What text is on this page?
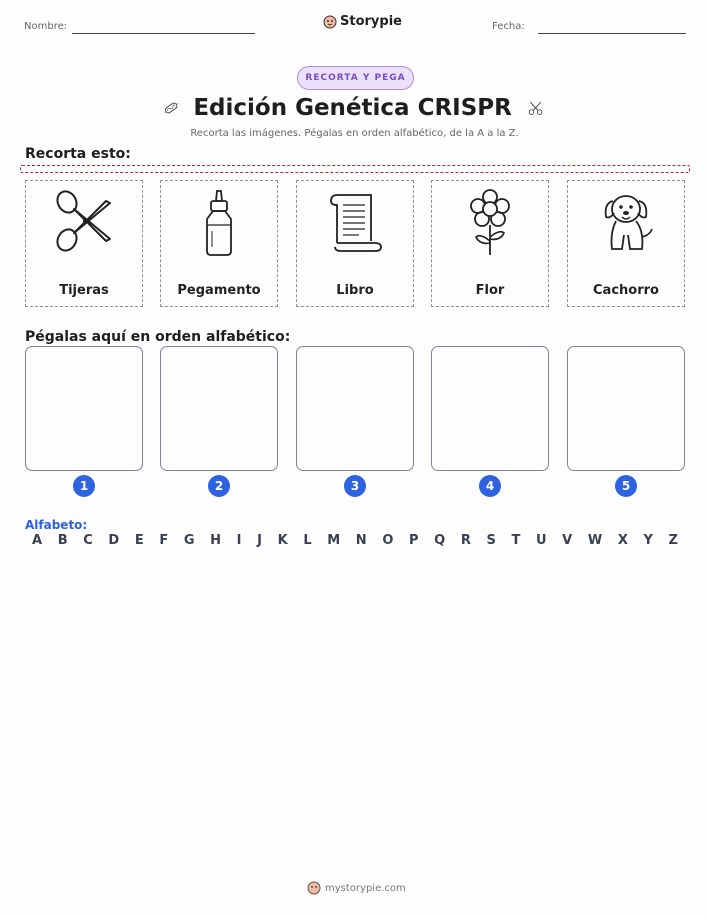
Nombre:	Storypie	Fecha:
RECORTA Y PEGA
Edición Genética CRISPR
Recorta las imágenes. Pégalas en orden alfabético, de la A a la Z.
Recorta esto:
Tijeras	Pegamento	Libro	Flor	Cachorro
Pégalas aquí en orden alfabético:
1	2	3	4	5
Alfabeto:
A B C D E F G H I J K L M N O P Q R S T U V W X Y Z
mystorypie.com
